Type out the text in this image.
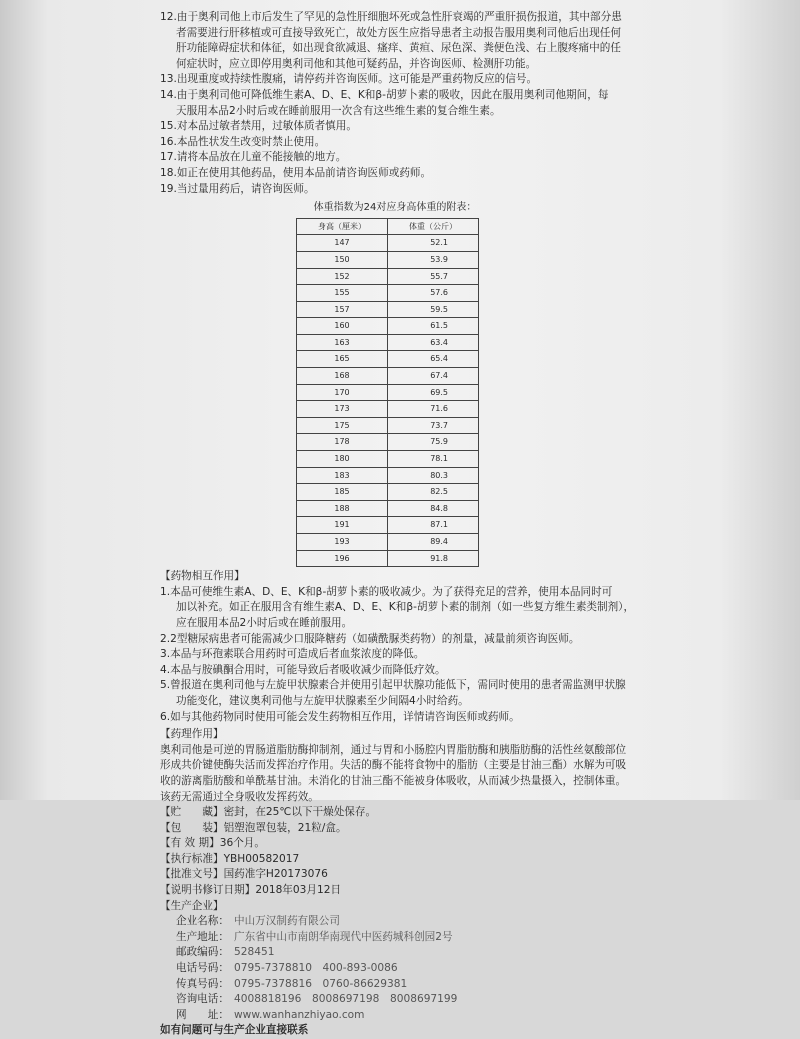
12.由于奥利司他上市后发生了罕见的急性肝细胞坏死或急性肝衰竭的严重肝损伤报道，其中部分患
者需要进行肝移植或可直接导致死亡，故处方医生应指导患者主动报告服用奥利司他后出现任何
肝功能障碍症状和体征，如出现食欲减退、瘙痒、黄疸、尿色深、粪便色浅、右上腹疼痛中的任
何症状时，应立即停用奥利司他和其他可疑药品，并咨询医师、检测肝功能。
13.出现重度或持续性腹痛，请停药并咨询医师。这可能是严重药物反应的信号。
14.由于奥利司他可降低维生素A、D、E、K和β-胡萝卜素的吸收，因此在服用奥利司他期间，每
天服用本品2小时后或在睡前服用一次含有这些维生素的复合维生素。
15.对本品过敏者禁用，过敏体质者慎用。
16.本品性状发生改变时禁止使用。
17.请将本品放在儿童不能接触的地方。
18.如正在使用其他药品，使用本品前请咨询医师或药师。
19.当过量用药后，请咨询医师。
体重指数为24对应身高体重的附表：
身高（厘米）	体重（公斤）
147	52.1
150	53.9
152	55.7
155	57.6
157	59.5
160	61.5
163	63.4
165	65.4
168	67.4
170	69.5
173	71.6
175	73.7
178	75.9
180	78.1
183	80.3
185	82.5
188	84.8
191	87.1
193	89.4
196	91.8
【药物相互作用】
1.本品可使维生素A、D、E、K和β-胡萝卜素的吸收减少。为了获得充足的营养，使用本品同时可
加以补充。如正在服用含有维生素A、D、E、K和β-胡萝卜素的制剂（如一些复方维生素类制剂），
应在服用本品2小时后或在睡前服用。
2.2型糖尿病患者可能需减少口服降糖药（如磺酰脲类药物）的剂量，减量前须咨询医师。
3.本品与环孢素联合用药时可造成后者血浆浓度的降低。
4.本品与胺碘酮合用时，可能导致后者吸收减少而降低疗效。
5.曾报道在奥利司他与左旋甲状腺素合并使用引起甲状腺功能低下，需同时使用的患者需监测甲状腺
功能变化，建议奥利司他与左旋甲状腺素至少间隔4小时给药。
6.如与其他药物同时使用可能会发生药物相互作用，详情请咨询医师或药师。
【药理作用】
奥利司他是可逆的胃肠道脂肪酶抑制剂，通过与胃和小肠腔内胃脂肪酶和胰脂肪酶的活性丝氨酸部位
形成共价键使酶失活而发挥治疗作用。失活的酶不能将食物中的脂肪（主要是甘油三酯）水解为可吸
收的游离脂肪酸和单酰基甘油。未消化的甘油三酯不能被身体吸收，从而减少热量摄入，控制体重。
该药无需通过全身吸收发挥药效。
【贮　　藏】密封，在25℃以下干燥处保存。
【包　　装】铝塑泡罩包装，21粒/盒。
【有 效 期】36个月。
【执行标准】YBH00582017
【批准文号】国药准字H20173076
【说明书修订日期】2018年03月12日
【生产企业】
企业名称： 中山万汉制药有限公司
生产地址： 广东省中山市南朗华南现代中医药城科创园2号
邮政编码： 528451
电话号码： 0795-7378810　400-893-0086
传真号码： 0795-7378816　0760-86629381
咨询电话： 4008818196　8008697198　8008697199
网　　址： www.wanhanzhiyao.com
如有问题可与生产企业直接联系
